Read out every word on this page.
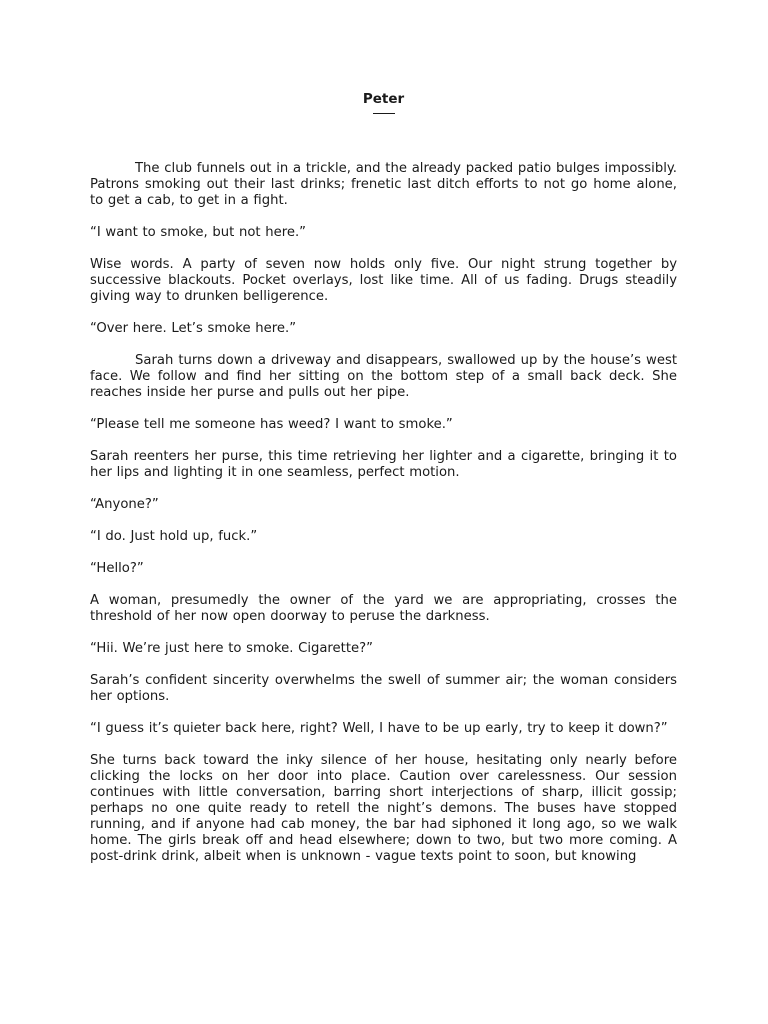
Peter

The club funnels out in a trickle, and the already packed patio bulges impossibly. Patrons smoking out their last drinks; frenetic last ditch efforts to not go home alone, to get a cab, to get in a fight.

“I want to smoke, but not here.”

Wise words. A party of seven now holds only five. Our night strung together by successive blackouts. Pocket overlays, lost like time. All of us fading. Drugs steadily giving way to drunken belligerence.

“Over here. Let’s smoke here.”

Sarah turns down a driveway and disappears, swallowed up by the house’s west face. We follow and find her sitting on the bottom step of a small back deck. She reaches inside her purse and pulls out her pipe.

“Please tell me someone has weed? I want to smoke.”

Sarah reenters her purse, this time retrieving her lighter and a cigarette, bringing it to her lips and lighting it in one seamless, perfect motion.

“Anyone?”

“I do. Just hold up, fuck.”

“Hello?”

A woman, presumedly the owner of the yard we are appropriating, crosses the threshold of her now open doorway to peruse the darkness.

“Hii. We’re just here to smoke. Cigarette?”

Sarah’s confident sincerity overwhelms the swell of summer air; the woman considers her options.

“I guess it’s quieter back here, right? Well, I have to be up early, try to keep it down?”

She turns back toward the inky silence of her house, hesitating only nearly before clicking the locks on her door into place. Caution over carelessness. Our session continues with little conversation, barring short interjections of sharp, illicit gossip; perhaps no one quite ready to retell the night’s demons. The buses have stopped running, and if anyone had cab money, the bar had siphoned it long ago, so we walk home. The girls break off and head elsewhere; down to two, but two more coming. A post-drink drink, albeit when is unknown - vague texts point to soon, but knowing
